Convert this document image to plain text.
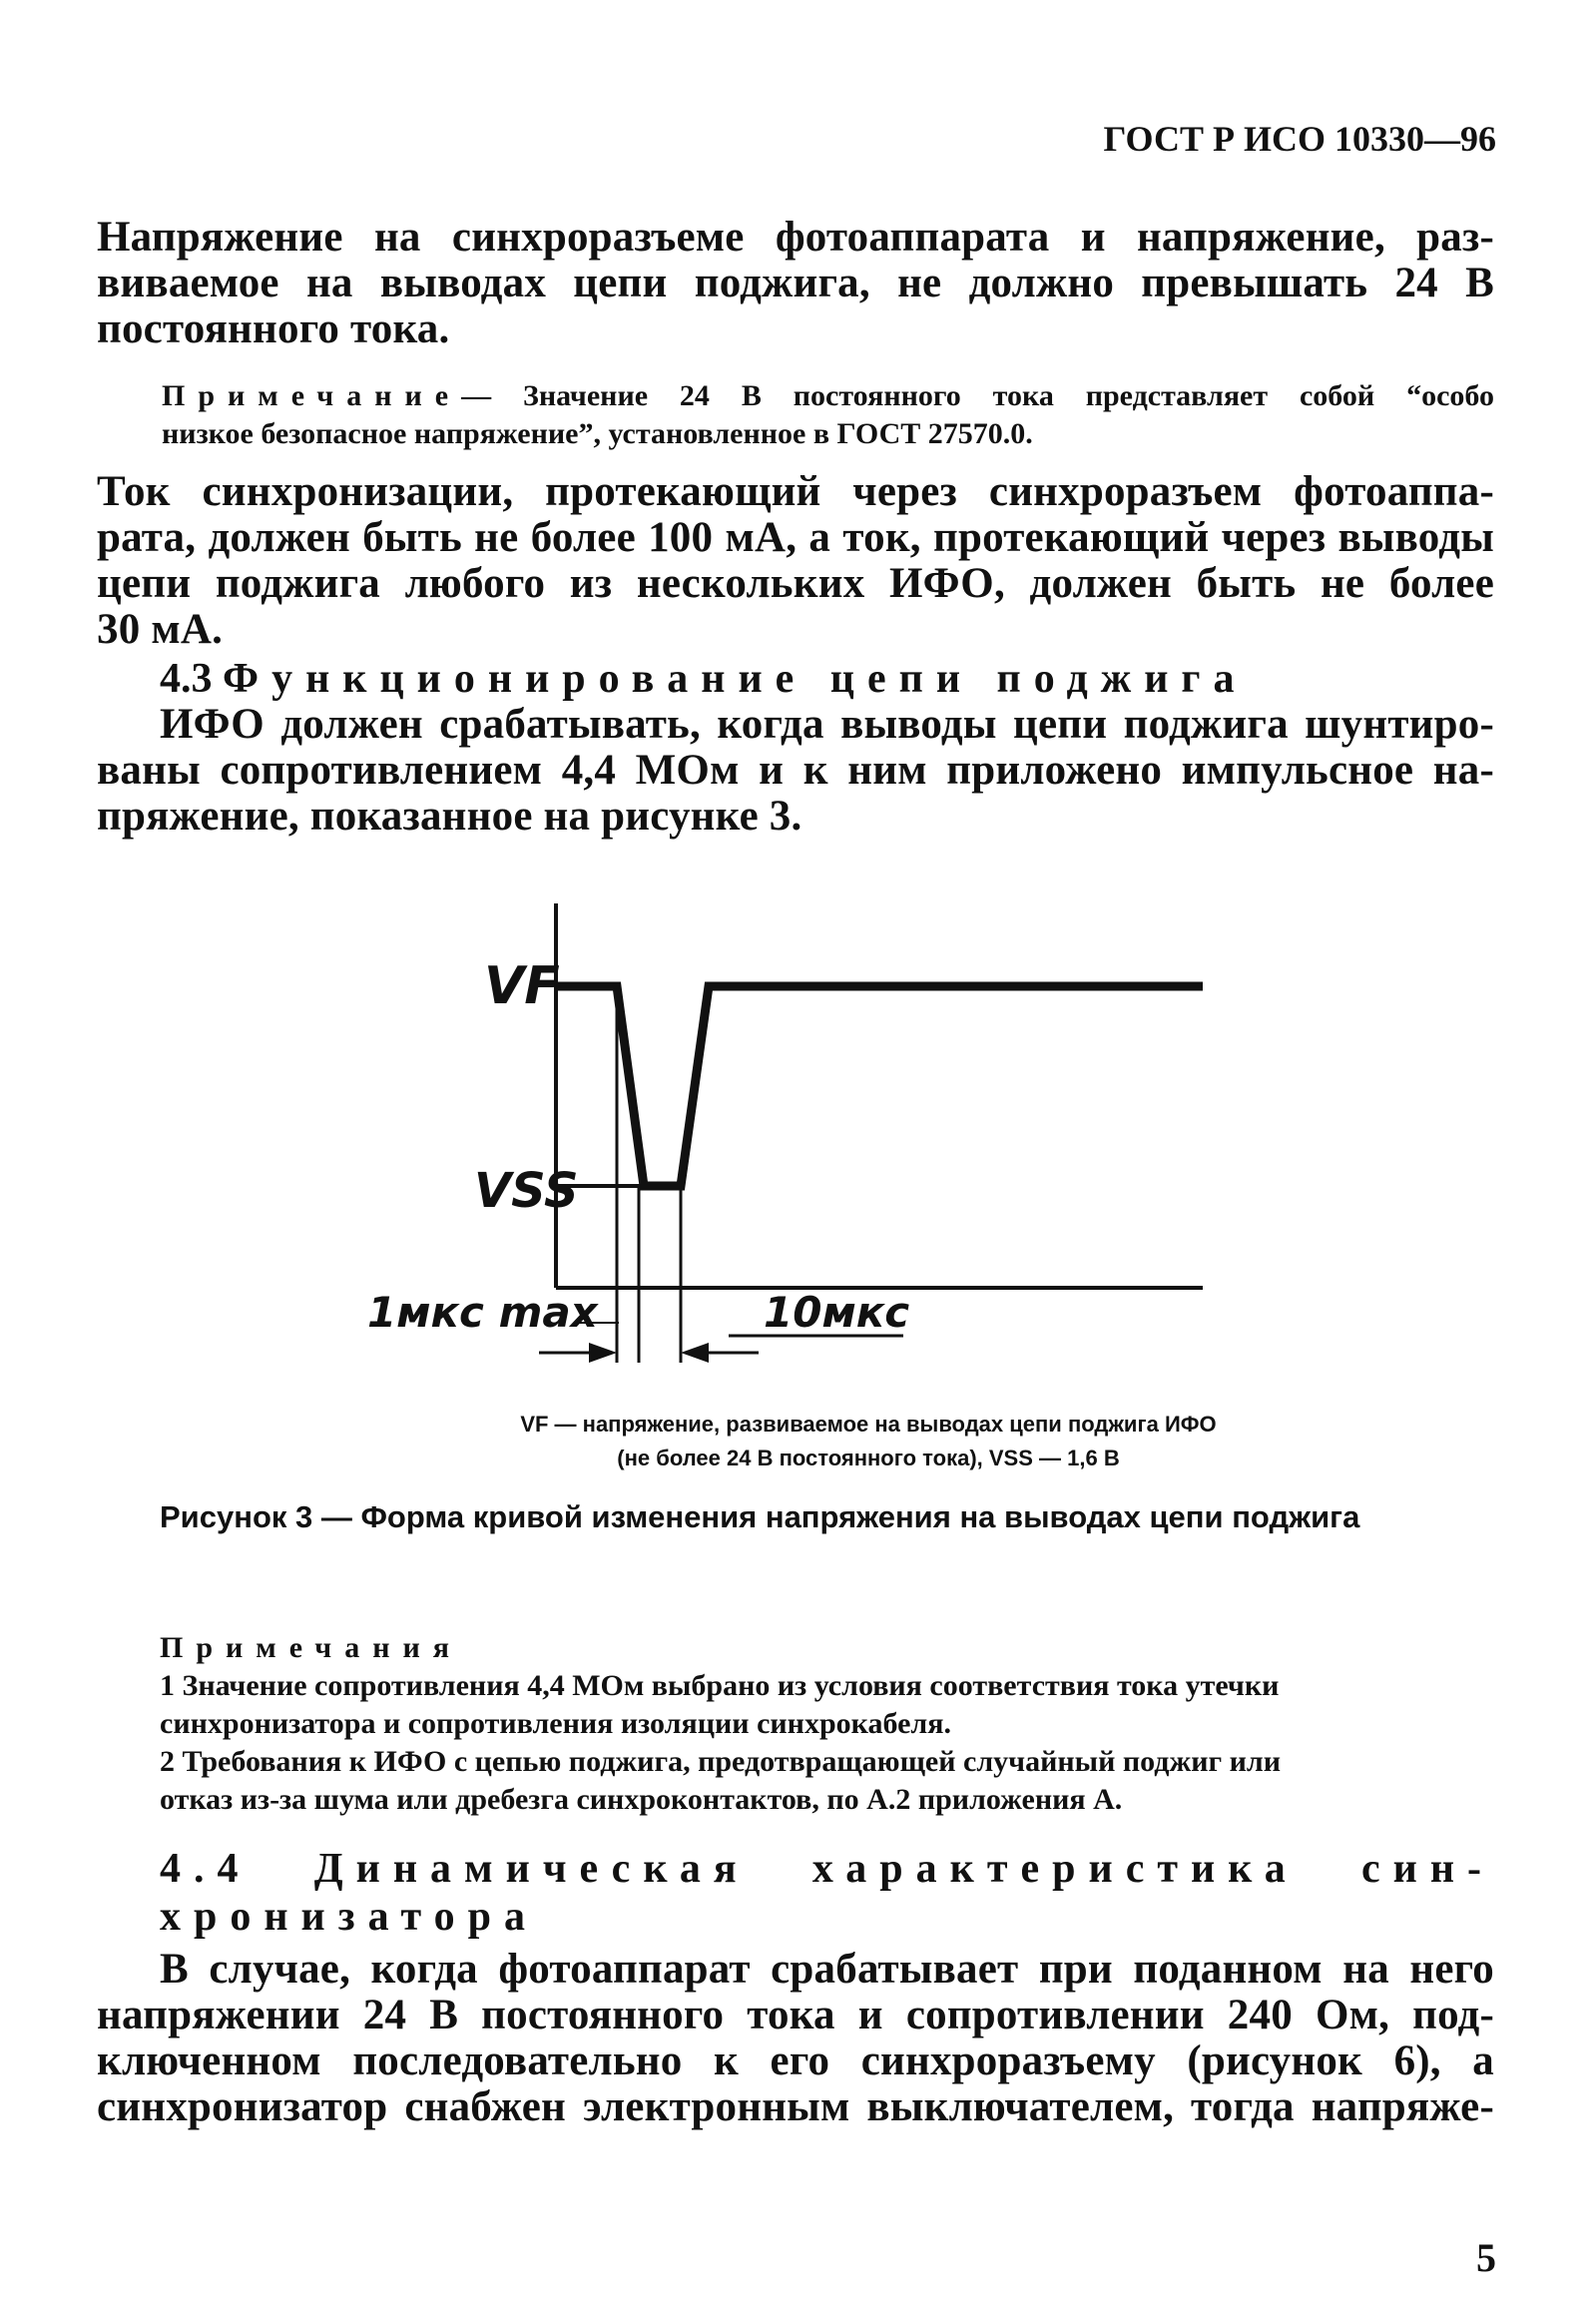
ГОСТ Р ИСО 10330—96
Напряжение на синхроразъеме фотоаппарата и напряжение, раз-
виваемое на выводах цепи поджига, не должно превышать 24 В
постоянного тока.
Примечание— Значение 24 В постоянного тока представляет собой “особо
низкое безопасное напряжение”, установленное в ГОСТ 27570.0.
Ток синхронизации, протекающий через синхроразъем фотоаппа-
рата, должен быть не более 100 мА, а ток, протекающий через выводы
цепи поджига любого из нескольких ИФО, должен быть не более
30 мА.
4.3 Функционирование цепи поджига
ИФО должен срабатывать, когда выводы цепи поджига шунтиро-
ваны сопротивлением 4,4 МОм и к ним приложено импульсное на-
пряжение, показанное на рисунке 3.
VF
VSS
1мкс max	10мкс
VF — напряжение, развиваемое на выводах цепи поджига ИФО
(не более 24 В постоянного тока), VSS — 1,6 В
Рисунок 3 — Форма кривой изменения напряжения на выводах цепи поджига
Примечания
1 Значение сопротивления 4,4 МОм выбрано из условия соответствия тока утечки
синхронизатора и сопротивления изоляции синхрокабеля.
2 Требования к ИФО с цепью поджига, предотвращающей случайный поджиг или
отказ из-за шума или дребезга синхроконтактов, по А.2 приложения А.
4.4 Динамическая характеристика син-
хронизатора
В случае, когда фотоаппарат срабатывает при поданном на него
напряжении 24 В постоянного тока и сопротивлении 240 Ом, под-
ключенном последовательно к его синхроразъему (рисунок 6), а
синхронизатор снабжен электронным выключателем, тогда напряже-
5
